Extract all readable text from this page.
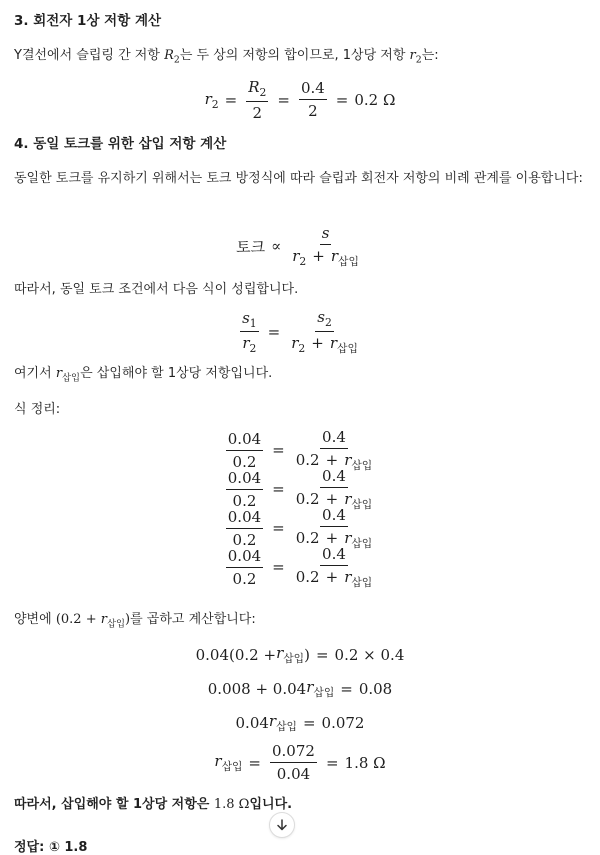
3. 회전자 1상 저항 계산
Y결선에서 슬립링 간 저항 $R_2$는 두 상의 저항의 합이므로, 1상당 저항 $r_2$는:
$r_2 = \frac{R_2}{2} = \frac{0.4}{2} = 0.2$ Ω
4. 동일 토크를 위한 삽입 저항 계산
동일한 토크를 유지하기 위해서는 토크 방정식에 따라 슬립과 회전자 저항의 비례 관계를 이용합니다:
토크 ∝ $\frac{s}{r_2 + r_{삽입}}$
따라서, 동일 토크 조건에서 다음 식이 성립합니다.
$\frac{s_1}{r_2} = \frac{s_2}{r_2 + r_{삽입}}$
여기서 $r_{삽입}$은 삽입해야 할 1상당 저항입니다.
식 정리:
$\frac{0.04}{0.2} = \frac{0.4}{0.2 + r_{삽입}}$
$\frac{0.04}{0.2} = \frac{0.4}{0.2 + r_{삽입}}$
$\frac{0.04}{0.2} = \frac{0.4}{0.2 + r_{삽입}}$
$\frac{0.04}{0.2} = \frac{0.4}{0.2 + r_{삽입}}$
양변에 $(0.2 + r_{삽입})$를 곱하고 계산합니다:
$0.04(0.2 + r_{삽입}$ ) = 0.2 × 0.4
0.008 + 0.04 $r_{삽입} = 0.08$
0.04 $r_{삽입} = 0.072$
$r_{삽입} = \frac{0.072}{0.04} = 1.8$ Ω
따라서, 삽입해야 할 1상당 저항은 1.8 Ω입니다.
정답: ① 1.8
